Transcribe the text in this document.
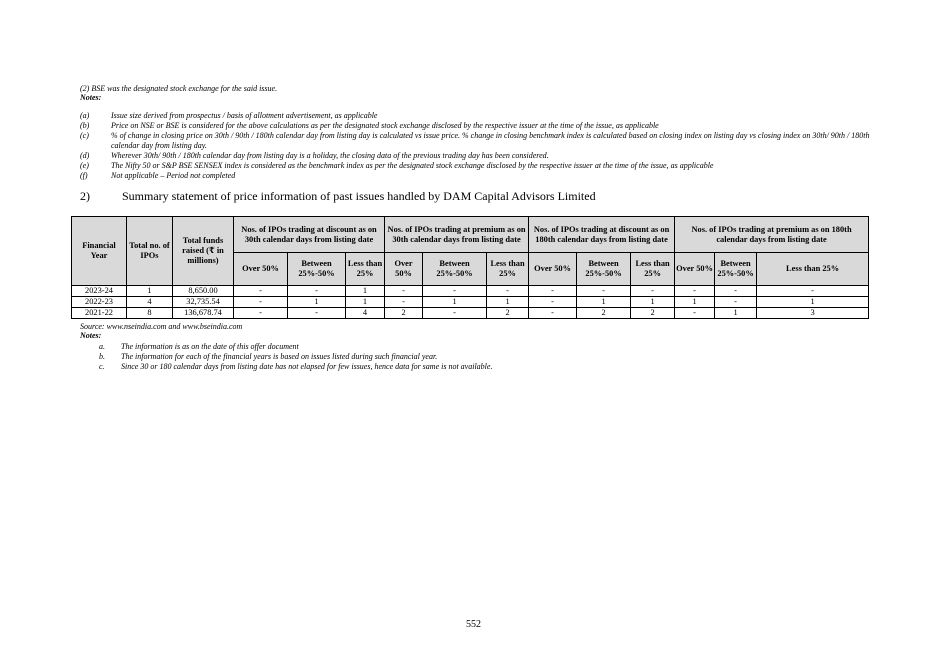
(2) BSE was the designated stock exchange for the said issue.
Notes:
(a)	Issue size derived from prospectus / basis of allotment advertisement, as applicable
(b)	Price on NSE or BSE is considered for the above calculations as per the designated stock exchange disclosed by the respective issuer at the time of the issue, as applicable
(c)	% of change in closing price on 30th / 90th / 180th calendar day from listing day is calculated vs issue price. % change in closing benchmark index is calculated based on closing index on listing day vs closing index on 30th/ 90th / 180th calendar day from listing day.
(d)	Wherever 30th/ 90th / 180th calendar day from listing day is a holiday, the closing data of the previous trading day has been considered.
(e)	The Nifty 50 or S&P BSE SENSEX index is considered as the benchmark index as per the designated stock exchange disclosed by the respective issuer at the time of the issue, as applicable
(f)	Not applicable – Period not completed
2)	Summary statement of price information of past issues handled by DAM Capital Advisors Limited
Financial Year	Total no. of IPOs	Total funds raised (₹ in millions)	Nos. of IPOs trading at discount as on 30th calendar days from listing date			Nos. of IPOs trading at premium as on 30th calendar days from listing date			Nos. of IPOs trading at discount as on 180th calendar days from listing date			Nos. of IPOs trading at premium as on 180th calendar days from listing date		
			Over 50%	Between 25%-50%	Less than 25%	Over 50%	Between 25%-50%	Less than 25%	Over 50%	Between 25%-50%	Less than 25%	Over 50%	Between 25%-50%	Less than 25%
2023-24	1	8,650.00	-	-	1	-	-	-	-	-	-	-	-	-
2022-23	4	32,735.54	-	1	1	-	1	1	-	1	1	1	-	1
2021-22	8	136,678.74	-	-	4	2	-	2	-	2	2	-	1	3
Source: www.nseindia.com and www.bseindia.com
Notes:
a.	The information is as on the date of this offer document
b.	The information for each of the financial years is based on issues listed during such financial year.
c.	Since 30 or 180 calendar days from listing date has not elapsed for few issues, hence data for same is not available.
552
